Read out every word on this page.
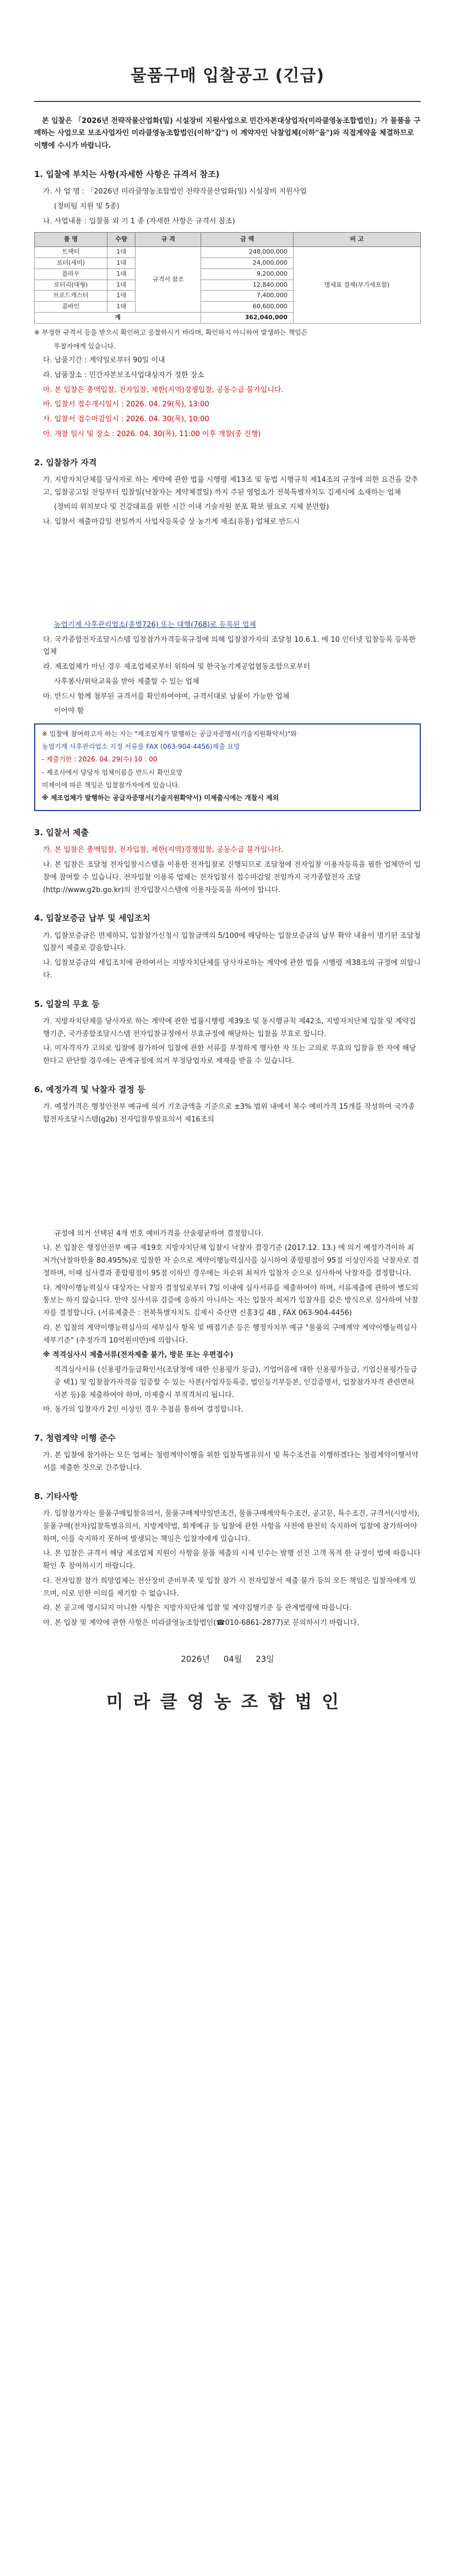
물품구매 입찰공고 (긴급)

본 입찰은 「2026년 전략작물산업화(밀) 시설장비 지원사업으로 민간자본대상업자(미라클영농조합법인)」가 물품을 구매하는 사업으로 보조사업자인 미라클영농조합법인(이하"갑") 이 계약자인 낙찰업체(이하"을")와 직접계약을 체결하므로 이행에 수시가 바랍니다.

1. 입찰에 부치는 사항(자세한 사항은 규격서 참조)

가. 사 업 명 : 「2026년 미라클영농조합법인 전략작물산업화(밀) 시설장비 지원사업

(정비팀 지원 및 5종)

나. 사업내용 : 입찰품 외 기 1 종 (자세한 사항은 규격서 참조)

품 명	수량	규 격	금 액	비 고
트랙터	1대	규격서 참조	248,000,000	명세표 결제(부가세포함)
로더(세미)	1대		24,000,000	
플라우	1대		9,200,000	
로터리(대형)	1대		12,840,000	
브로드캐스터	1대		7,400,000	
콤바인	1대		60,600,000	
계			362,040,000	

※ 부정한 규격서 등을 받으시 확인하고 응찰하시기 바라며, 확인하지 아니하여 발생하는 책임은

투찰자에게 있습니다.

다. 납품기간 : 계약일로부터 90일 이내

라. 납품장소 : 민간자본보조사업대상자가 정한 장소

마. 본 입찰은 총액입찰, 전자입찰, 제한(지역)경쟁입찰, 공동수급 불가입니다.

바. 입찰서 접수개시일시 : 2026. 04. 29(목), 13:00

사. 입찰서 접수마감일시 : 2026. 04. 30(목), 10:00

아. 개찰 일시 및 장소 : 2026. 04. 30(목), 11:00 이후 개찰(종 진행)

2. 입찰참가 자격

가. 지방자치단체를 당사자로 하는 계약에 관한 법률 시행령 제13조 및 동법 시행규칙 제14조의 규정에 의한 요건을 갖추고, 입찰공고일 전일부터 입찰일(낙찰자는 계약체결일) 까지 주된 영업소가 전북특별자치도 김제시에 소재하는 업체

(정비의 위치보다 및 건강대표를 위한 시간 이내 기술자원 분포 확보 필요로 지체 분만함)

나. 입찰서 제출마감일 전일까지 사업자등록증 상 농기계 제조(유통) 업체로 반드시

농업기계 사후관리업소(종별726) 또는 대행(768)로 등록된 업체

다. 국가종합전자조달시스템 입찰참가자격등록규정에 의해 입찰참가자의 조달청 10.6.1. 에 10 인터넷 입찰등록 등록한 업체

라. 제조업체가 아닌 경우 제조업체로부터 위하여 및 한국농기계공업협동조합으로부터

사후봉사/위탁교육을 받아 제출할 수 있는 업체

마. 반드시 함께 첨부된 규격서를 확인하여야며, 규격서대로 납품이 가능한 업체

이어야 함

※ 입찰에 참여하고자 하는 자는 "제조업체가 발행하는 공급자증명서(기술지원확약서)"와

농업기계 사후관리업소 지정 서류를 FAX (063-904-4456)제출 요망

- 제출기한 : 2026. 04. 29(수) 10 : 00

- 제조사에서 당당자 업체이름을 반드시 확인요망

미제이에 따른 책임은 입찰참가자에게 있습니다.

※ 제조업체가 발행하는 공급자증명서(기술지원확약서) 미제출시에는 개찰시 제외

3. 입찰서 제출

가. 본 입찰은 총액입찰, 전자입찰, 제한(지역)경쟁입찰, 공동수급 불가입니다.

나. 본 입찰은 조달청 전자입찰시스템을 이용한 전자입찰로 진행되므로 조달청에 전자입찰 이용자등록을 필한 업체만이 입찰에 참여할 수 있습니다. 전자입찰 이용록 업체는 전자입찰서 접수마감일 전일까지 국가종합전자 조달(http://www.g2b.go.kr)의 전자입찰시스템에 이용자등록을 하여야 합니다.

4. 입찰보증금 납부 및 세입조치

가. 입찰보증금은 면제하되, 입찰참가신청시 입찰금액의 5/100에 해당하는 입찰보증금의 납부 확약 내용이 명기된 조달청 입찰서 제출로 갈음합니다.

나. 입찰보증금의 세입조치에 관하여서는 지방자치단체를 당사자로하는 계약에 관한 법률 시행령 제38조의 규정에 의합니다.

5. 입찰의 무효 등

가. 지방자치단체를 당사자로 하는 계약에 관한 법률시행령 제39조 및 동시행규칙 제42조, 지방자치단체 입찰 및 계약집행기준, 국가종합조달시스템 전자입찰규정에서 무효규정에 해당하는 입찰을 무효로 합니다.

나. 미자격자가 고의로 입찰에 참가하여 입찰에 관한 서류를 부정하게 행사한 자 또는 고의로 무효의 입찰을 한 자에 해당 한다고 판단할 경우에는 관계규정에 의거 부정당업자로 제재를 받을 수 있습니다.

6. 예정가격 및 낙찰자 결정 등

가. 예정가격은 행정안전부 예규에 의거 기초금액을 기준으로 ±3% 범위 내에서 복수 예비가격 15개를 작성하여 국가종합전자조달시스템(g2b) 전자입찰투발표의서 제16조의

규정에 의거 선택된 4개 번호 예비가격을 산술평균하여 결정합니다.

나. 본 입찰은 행정안전부 예규 제19호 지방자치단체 입찰시 낙찰자 결정기준 (2017.12. 13.) 에 의거 예정가격이하 최저가(낙찰하한율 80.495%)로 입찰한 자 순으로 계약이행능력심사를 실시하여 종합평점이 95점 이상인자를 낙찰자로 결정하며, 이때 심사결과 종합평점이 95점 이하인 경우에는 차순위 최저가 입찰자 순으로 심사하여 낙찰자를 결정합니다.

다. 계약이행능력심사 대상자는 낙찰자 결정일로부터 7일 이내에 심사서류를 제출하여야 하며, 서류제출에 관하여 별도의 통보는 하지 않습니다. 만약 심사서류 검증에 응하지 아니하는 자는 입찰자 최저가 입찰자를 같은 방식으로 심사하여 낙찰자를 결정합니다. (서류제출은 : 전북특별자치도 김제시 죽산면 신흥3길 48 , FAX 063-904-4456)

라. 본 입찰의 계약이행능력심사의 세부심사 항목 및 배점기준 등은 행정자치부 예규 "물품의 구매계약 계약이행능력심사 세부기준" (추정가격 10억원미만)에 의합니다.

※ 적격심사시 제출서류(전자제출 불가, 방문 또는 우편접수)

적격심사서류 (신용평가등급확인서(조달청에 대한 신용평가 등급), 기업어음에 대한 신용평가등급, 기업신용평가등급 중 택1) 및 입찰참가자격을 입증할 수 있는 사본(사업자등록증, 법인등기부등본, 인감증명서, 입찰참가자격 관련면허 사본 등)을 제출하여야 하며, 미제출시 부적격처리 됩니다.

마. 동가의 입찰자가 2인 이상인 경우 추첨을 통하여 결정합니다.

7. 청렴계약 이행 준수

가. 본 입찰에 참가하는 모든 업체는 청렴계약이행을 위한 입찰특별유의서 및 특수조건을 이행하겠다는 청렴계약이행서약서를 제출한 것으로 간주합니다.

8. 기타사항

가. 입찰참가자는 물품구매입찰유의서, 물품구매계약일반조건, 물품구매계약특수조건, 공고문, 특수조건, 규격서(시방서), 물품구매(전자)입찰특별유의서, 지방계약법, 회계예규 등 입찰에 관한 사항을 사전에 완전히 숙지하여 입찰에 참가하여야 하며, 이를 숙지하지 못하여 발생되는 책임은 입찰자에게 있습니다.

나. 본 입찰은 규격서 해당 제조업체 지원이 사항을 물품 제출의 시제 인수는 발행 선진 고객 목적 한 규정이 법에 따릅니다 확인 후 참여하시기 바랍니다.

다. 전자입찰 참가 희망업체는 전산장비 준비부족 및 입찰 참가 시 전자입찰서 제출 불가 등의 모든 책임은 입찰자에게 있으며, 이로 인한 이의를 제기할 수 없습니다.

라. 본 공고에 명시되지 아니한 사항은 지방자치단체 입찰 및 계약집행기준 등 관계법령에 따릅니다.

마. 본 입찰 및 계약에 관한 사항은 미라클영농조합법인(☎010-6861-2877)로 문의하시기 바랍니다.

2026년 04월 23일
미라클영농조합법인
